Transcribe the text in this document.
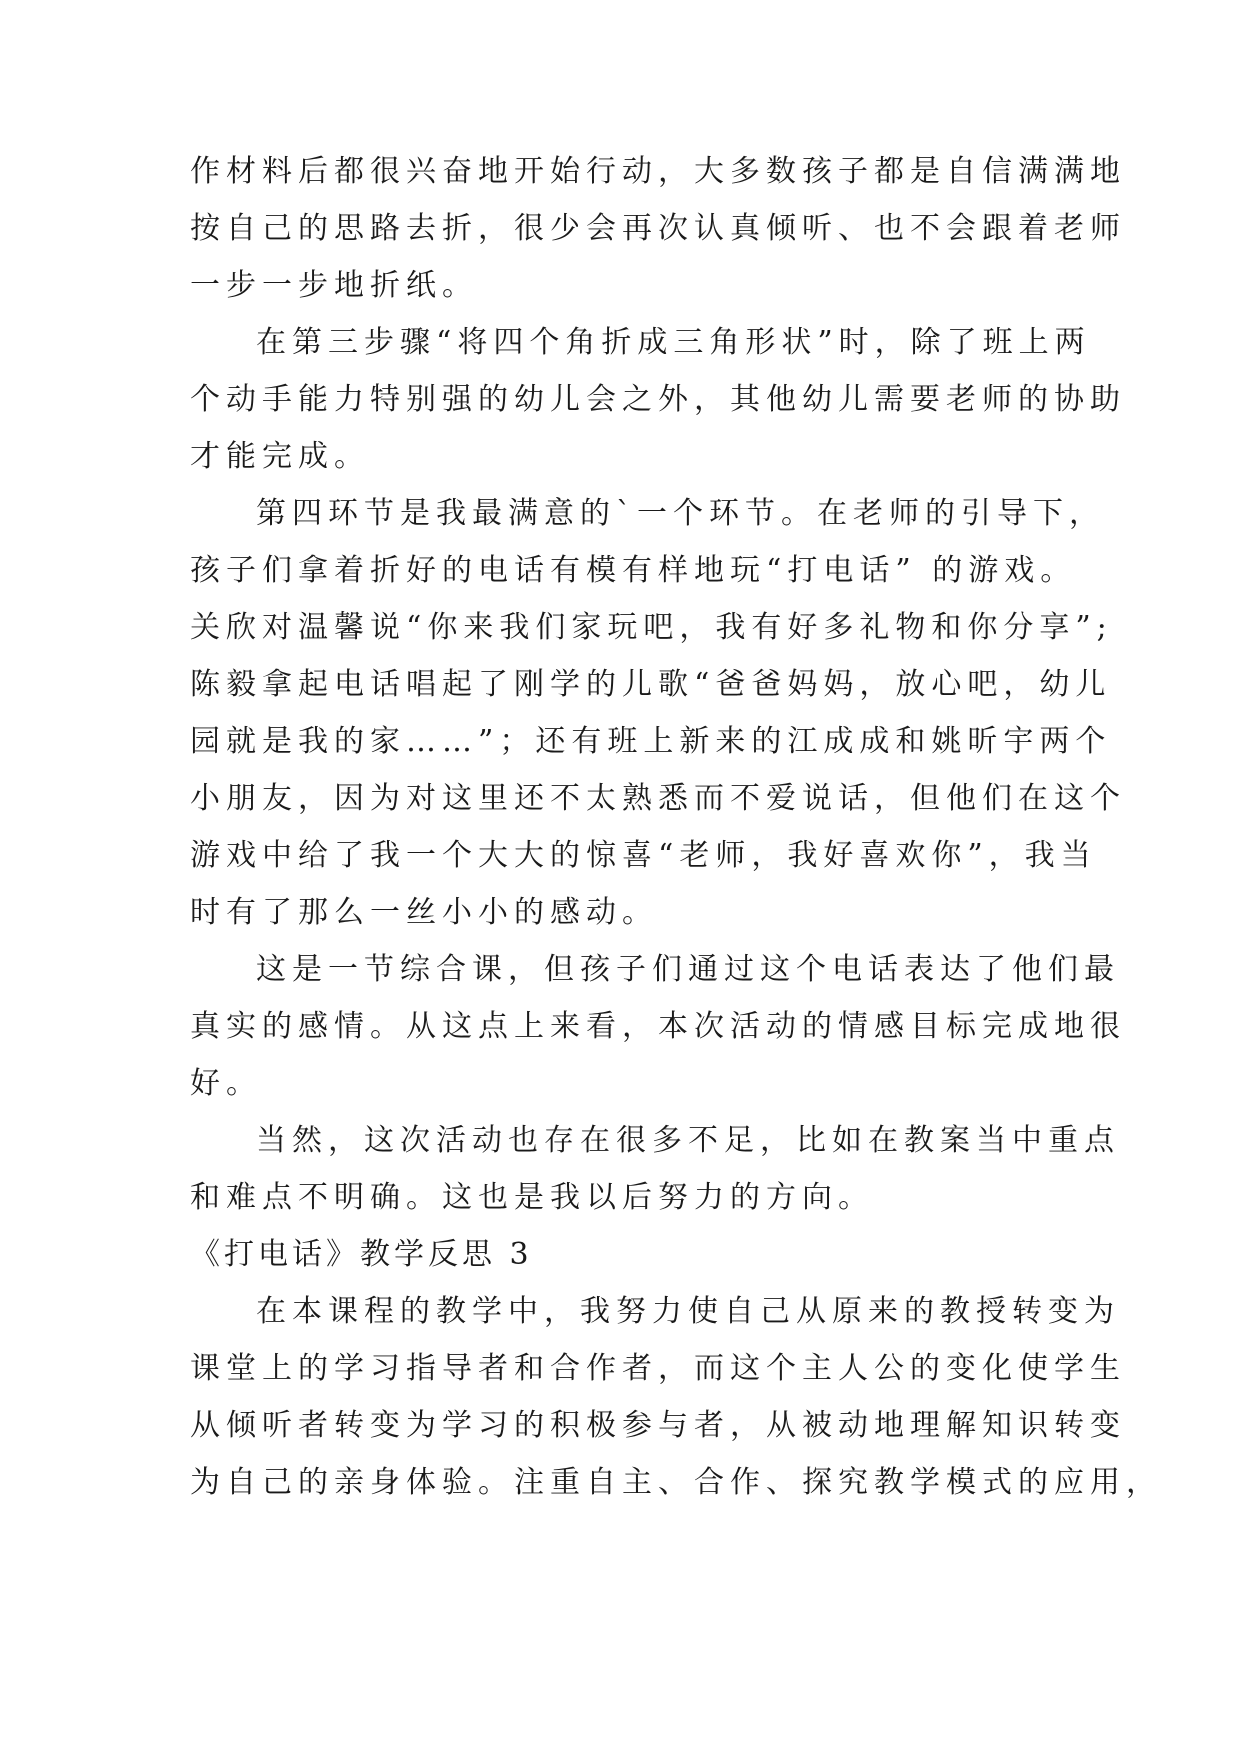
作材料后都很兴奋地开始行动，大多数孩子都是自信满满地
按自己的思路去折，很少会再次认真倾听、也不会跟着老师
一步一步地折纸。
在第三步骤“将四个角折成三角形状”时，除了班上两
个动手能力特别强的幼儿会之外，其他幼儿需要老师的协助
才能完成。
第四环节是我最满意的`一个环节。在老师的引导下，
孩子们拿着折好的电话有模有样地玩“打电话” 的游戏。
关欣对温馨说“你来我们家玩吧，我有好多礼物和你分享”;
陈毅拿起电话唱起了刚学的儿歌“爸爸妈妈，放心吧，幼儿
园就是我的家……”；还有班上新来的江成成和姚昕宇两个
小朋友，因为对这里还不太熟悉而不爱说话，但他们在这个
游戏中给了我一个大大的惊喜“老师，我好喜欢你”，我当
时有了那么一丝小小的感动。
这是一节综合课，但孩子们通过这个电话表达了他们最
真实的感情。从这点上来看，本次活动的情感目标完成地很
好。
当然，这次活动也存在很多不足，比如在教案当中重点
和难点不明确。这也是我以后努力的方向。
《打电话》教学反思 3
在本课程的教学中，我努力使自己从原来的教授转变为
课堂上的学习指导者和合作者，而这个主人公的变化使学生
从倾听者转变为学习的积极参与者，从被动地理解知识转变
为自己的亲身体验。注重自主、合作、探究教学模式的应用，
